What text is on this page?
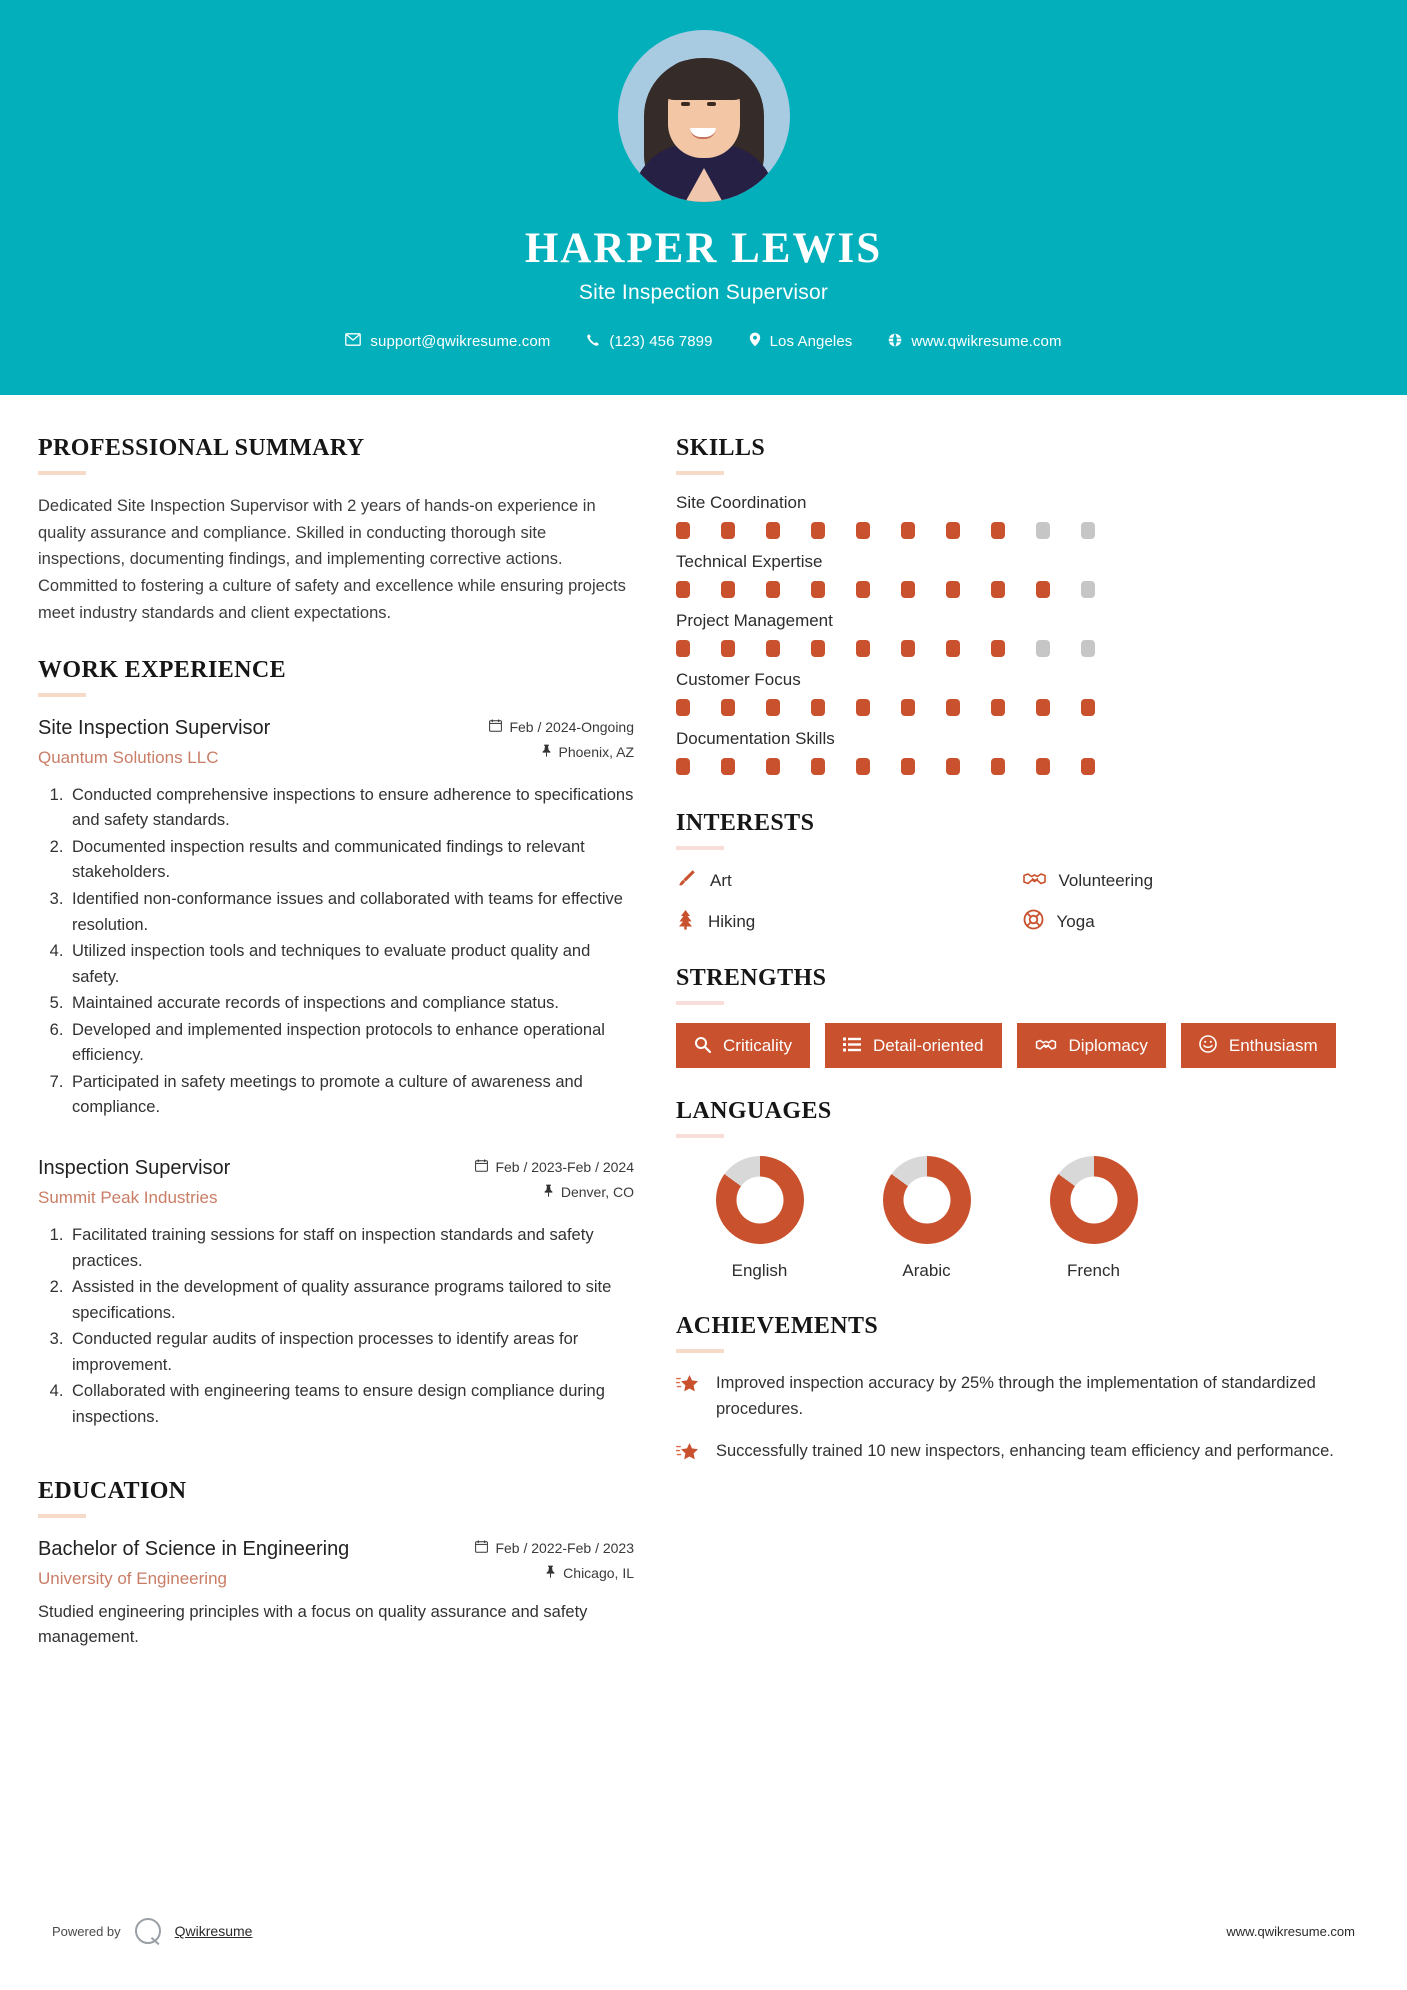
HARPER LEWIS
Site Inspection Supervisor
support@qwikresume.com	(123) 456 7899	Los Angeles	www.qwikresume.com
PROFESSIONAL SUMMARY
Dedicated Site Inspection Supervisor with 2 years of hands-on experience in quality assurance and compliance. Skilled in conducting thorough site inspections, documenting findings, and implementing corrective actions. Committed to fostering a culture of safety and excellence while ensuring projects meet industry standards and client expectations.
WORK EXPERIENCE
Site Inspection Supervisor
Quantum Solutions LLC
Feb / 2024-Ongoing
Phoenix, AZ
1. Conducted comprehensive inspections to ensure adherence to specifications and safety standards.
2. Documented inspection results and communicated findings to relevant stakeholders.
3. Identified non-conformance issues and collaborated with teams for effective resolution.
4. Utilized inspection tools and techniques to evaluate product quality and safety.
5. Maintained accurate records of inspections and compliance status.
6. Developed and implemented inspection protocols to enhance operational efficiency.
7. Participated in safety meetings to promote a culture of awareness and compliance.
Inspection Supervisor
Summit Peak Industries
Feb / 2023-Feb / 2024
Denver, CO
1. Facilitated training sessions for staff on inspection standards and safety practices.
2. Assisted in the development of quality assurance programs tailored to site specifications.
3. Conducted regular audits of inspection processes to identify areas for improvement.
4. Collaborated with engineering teams to ensure design compliance during inspections.
EDUCATION
Bachelor of Science in Engineering
University of Engineering
Feb / 2022-Feb / 2023
Chicago, IL
Studied engineering principles with a focus on quality assurance and safety management.
SKILLS
Site Coordination
Technical Expertise
Project Management
Customer Focus
Documentation Skills
INTERESTS
Art	Volunteering
Hiking	Yoga
STRENGTHS
Criticality	Detail-oriented	Diplomacy	Enthusiasm
LANGUAGES
English	Arabic	French
ACHIEVEMENTS
Improved inspection accuracy by 25% through the implementation of standardized procedures.
Successfully trained 10 new inspectors, enhancing team efficiency and performance.
Powered by	Qwikresume	www.qwikresume.com
